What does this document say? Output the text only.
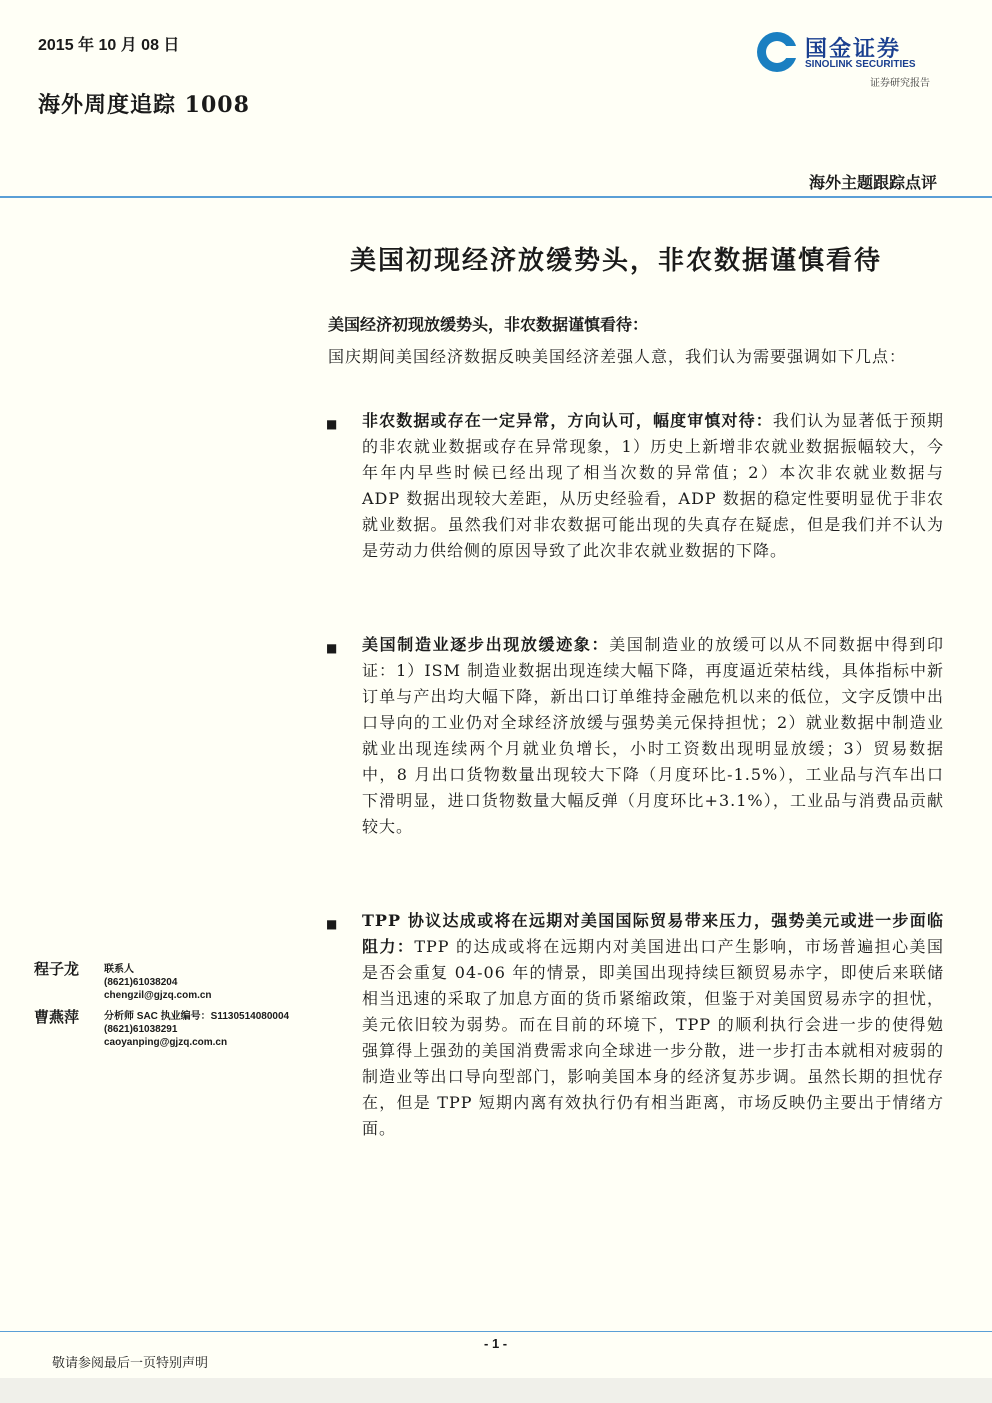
2015 年 10 月 08 日
海外周度追踪 1008
国金证券
SINOLINK SECURITIES
证券研究报告
海外主题跟踪点评
美国初现经济放缓势头，非农数据谨慎看待
美国经济初现放缓势头，非农数据谨慎看待：
国庆期间美国经济数据反映美国经济差强人意，我们认为需要强调如下几点：
■ 非农数据或存在一定异常，方向认可，幅度审慎对待：我们认为显著低于预期的非农就业数据或存在异常现象，1）历史上新增非农就业数据振幅较大，今年年内早些时候已经出现了相当次数的异常值；2）本次非农就业数据与 ADP 数据出现较大差距，从历史经验看，ADP 数据的稳定性要明显优于非农就业数据。虽然我们对非农数据可能出现的失真存在疑虑，但是我们并不认为是劳动力供给侧的原因导致了此次非农就业数据的下降。
■ 美国制造业逐步出现放缓迹象：美国制造业的放缓可以从不同数据中得到印证：1）ISM 制造业数据出现连续大幅下降，再度逼近荣枯线，具体指标中新订单与产出均大幅下降，新出口订单维持金融危机以来的低位，文字反馈中出口导向的工业仍对全球经济放缓与强势美元保持担忧；2）就业数据中制造业就业出现连续两个月就业负增长，小时工资数出现明显放缓；3）贸易数据中，8 月出口货物数量出现较大下降（月度环比-1.5%），工业品与汽车出口下滑明显，进口货物数量大幅反弹（月度环比+3.1%），工业品与消费品贡献较大。
■ TPP 协议达成或将在远期对美国国际贸易带来压力，强势美元或进一步面临阻力：TPP 的达成或将在远期内对美国进出口产生影响，市场普遍担心美国是否会重复 04-06 年的情景，即美国出现持续巨额贸易赤字，即使后来联储相当迅速的采取了加息方面的货币紧缩政策，但鉴于对美国贸易赤字的担忧，美元依旧较为弱势。而在目前的环境下，TPP 的顺利执行会进一步的使得勉强算得上强劲的美国消费需求向全球进一步分散，进一步打击本就相对疲弱的制造业等出口导向型部门，影响美国本身的经济复苏步调。虽然长期的担忧存在，但是 TPP 短期内离有效执行仍有相当距离，市场反映仍主要出于情绪方面。
程子龙 联系人
(8621)61038204
chengzil@gjzq.com.cn
曹燕萍 分析师 SAC 执业编号：S1130514080004
(8621)61038291
caoyanping@gjzq.com.cn
- 1 -
敬请参阅最后一页特别声明
